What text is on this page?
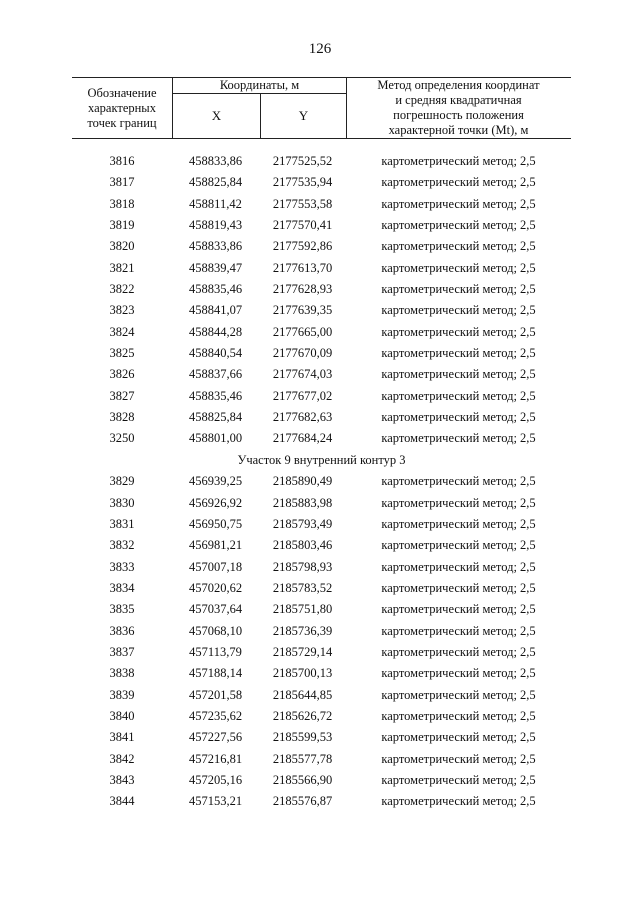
126
Обозначение
характерных
точек границ
Координаты, м
X	Y
Метод определения координат
и средняя квадратичная
погрешность положения
характерной точки (Mt), м
3816	458833,86	2177525,52	картометрический метод; 2,5
3817	458825,84	2177535,94	картометрический метод; 2,5
3818	458811,42	2177553,58	картометрический метод; 2,5
3819	458819,43	2177570,41	картометрический метод; 2,5
3820	458833,86	2177592,86	картометрический метод; 2,5
3821	458839,47	2177613,70	картометрический метод; 2,5
3822	458835,46	2177628,93	картометрический метод; 2,5
3823	458841,07	2177639,35	картометрический метод; 2,5
3824	458844,28	2177665,00	картометрический метод; 2,5
3825	458840,54	2177670,09	картометрический метод; 2,5
3826	458837,66	2177674,03	картометрический метод; 2,5
3827	458835,46	2177677,02	картометрический метод; 2,5
3828	458825,84	2177682,63	картометрический метод; 2,5
3250	458801,00	2177684,24	картометрический метод; 2,5
Участок 9 внутренний контур 3
3829	456939,25	2185890,49	картометрический метод; 2,5
3830	456926,92	2185883,98	картометрический метод; 2,5
3831	456950,75	2185793,49	картометрический метод; 2,5
3832	456981,21	2185803,46	картометрический метод; 2,5
3833	457007,18	2185798,93	картометрический метод; 2,5
3834	457020,62	2185783,52	картометрический метод; 2,5
3835	457037,64	2185751,80	картометрический метод; 2,5
3836	457068,10	2185736,39	картометрический метод; 2,5
3837	457113,79	2185729,14	картометрический метод; 2,5
3838	457188,14	2185700,13	картометрический метод; 2,5
3839	457201,58	2185644,85	картометрический метод; 2,5
3840	457235,62	2185626,72	картометрический метод; 2,5
3841	457227,56	2185599,53	картометрический метод; 2,5
3842	457216,81	2185577,78	картометрический метод; 2,5
3843	457205,16	2185566,90	картометрический метод; 2,5
3844	457153,21	2185576,87	картометрический метод; 2,5
